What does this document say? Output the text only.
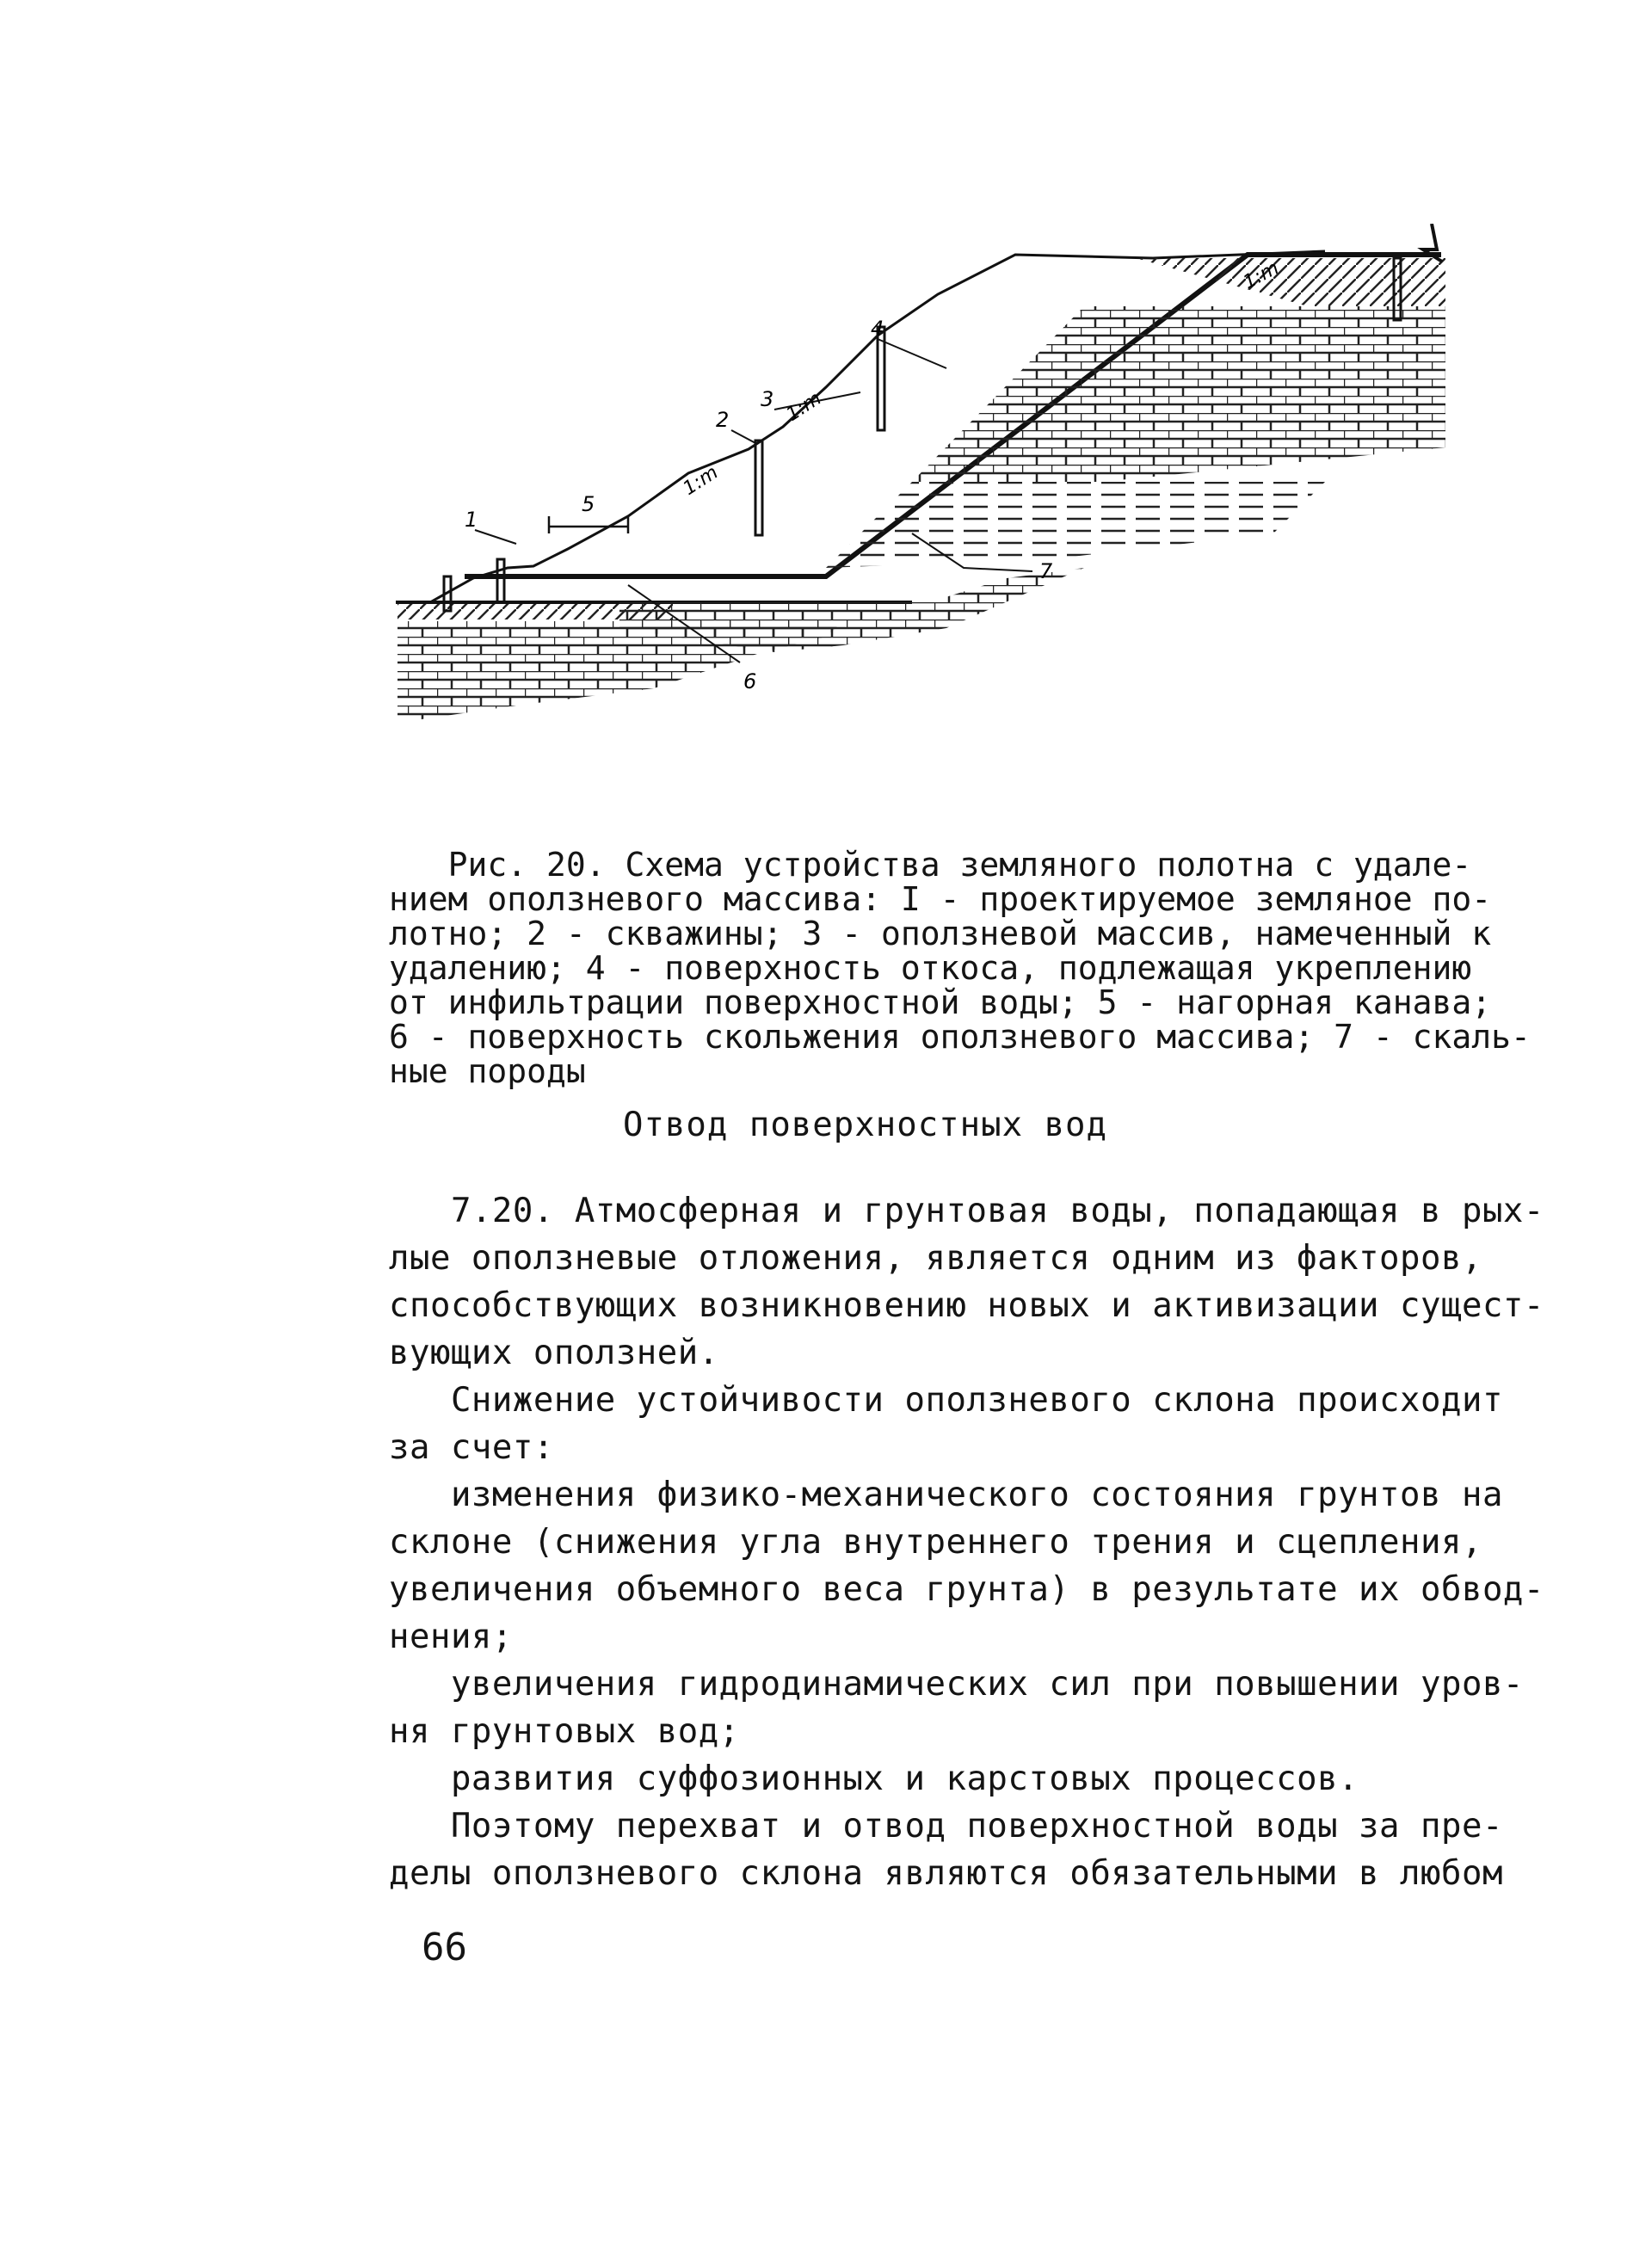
1
2
3
4
5
6
7
1:m
1:m
1:m

Рис. 20. Схема устройства земляного полотна с удале-

нием оползневого массива: I - проектируемое земляное по-

лотно; 2 - скважины; 3 - оползневой массив, намеченный к

удалению; 4 - поверхность откоса, подлежащая укреплению

от инфильтрации поверхностной воды; 5 - нагорная канава;

6 - поверхность скольжения оползневого массива; 7 - скаль-

ные породы

Отвод поверхностных вод

7.20. Атмосферная и грунтовая воды, попадающая в рых-

лые оползневые отложения, является одним из факторов,

способствующих возникновению новых и активизации сущест-

вующих оползней.

Снижение устойчивости оползневого склона происходит

за счет:

изменения физико-механического состояния грунтов на

склоне (снижения угла внутреннего трения и сцепления,

увеличения объемного веса грунта) в результате их обвод-

нения;

увеличения гидродинамических сил при повышении уров-

ня грунтовых вод;

развития суффозионных и карстовых процессов.

Поэтому перехват и отвод поверхностной воды за пре-

делы оползневого склона являются обязательными в любом

66
